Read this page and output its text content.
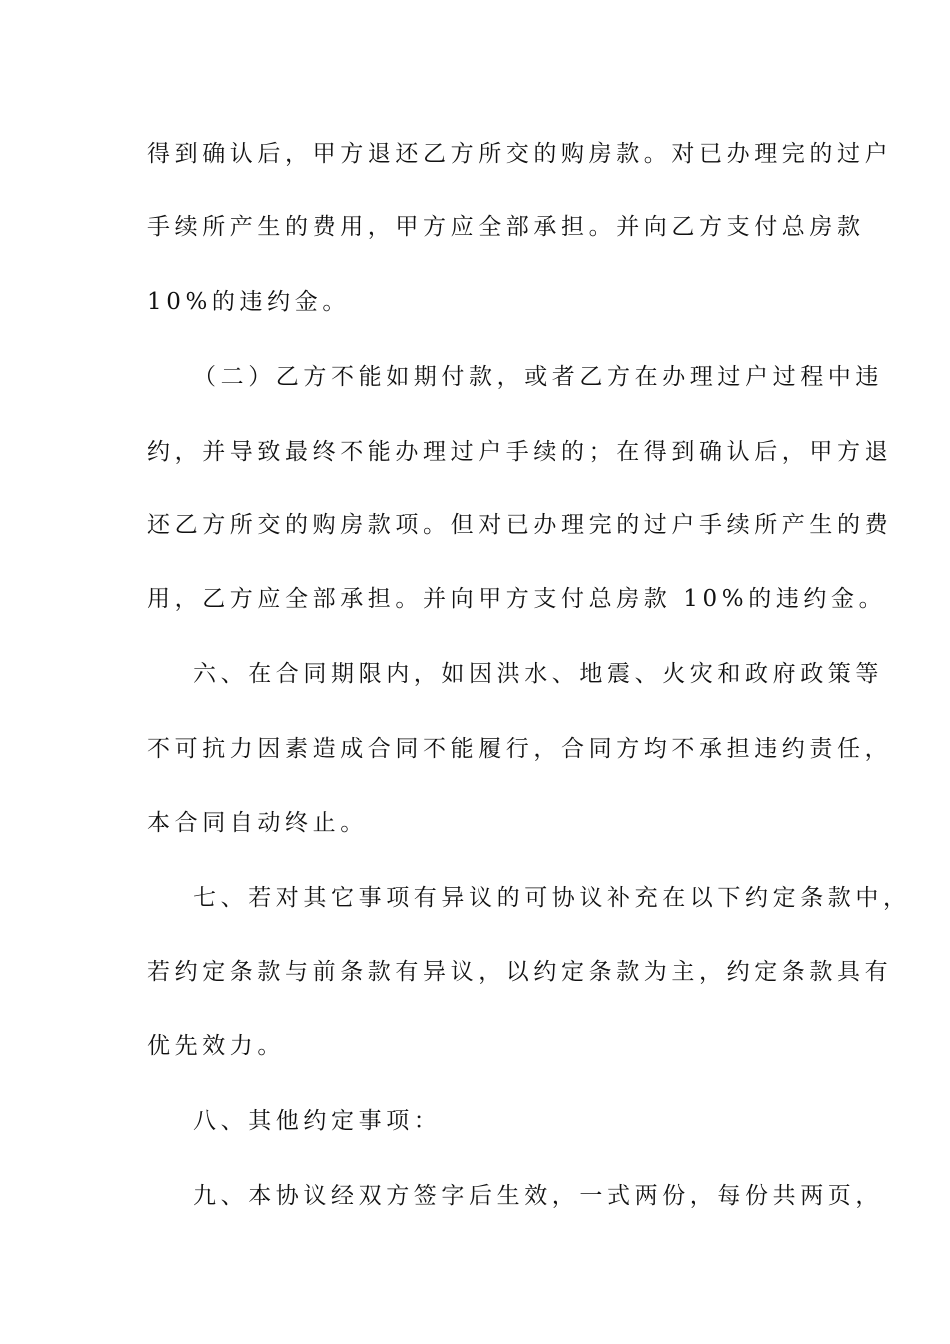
得到确认后，甲方退还乙方所交的购房款。对已办理完的过户
手续所产生的费用，甲方应全部承担。并向乙方支付总房款
10%的违约金。
（二）乙方不能如期付款，或者乙方在办理过户过程中违
约，并导致最终不能办理过户手续的；在得到确认后，甲方退
还乙方所交的购房款项。但对已办理完的过户手续所产生的费
用，乙方应全部承担。并向甲方支付总房款 10%的违约金。
六、在合同期限内，如因洪水、地震、火灾和政府政策等
不可抗力因素造成合同不能履行，合同方均不承担违约责任，
本合同自动终止。
七、若对其它事项有异议的可协议补充在以下约定条款中，
若约定条款与前条款有异议，以约定条款为主，约定条款具有
优先效力。
八、其他约定事项：
九、本协议经双方签字后生效，一式两份，每份共两页，
